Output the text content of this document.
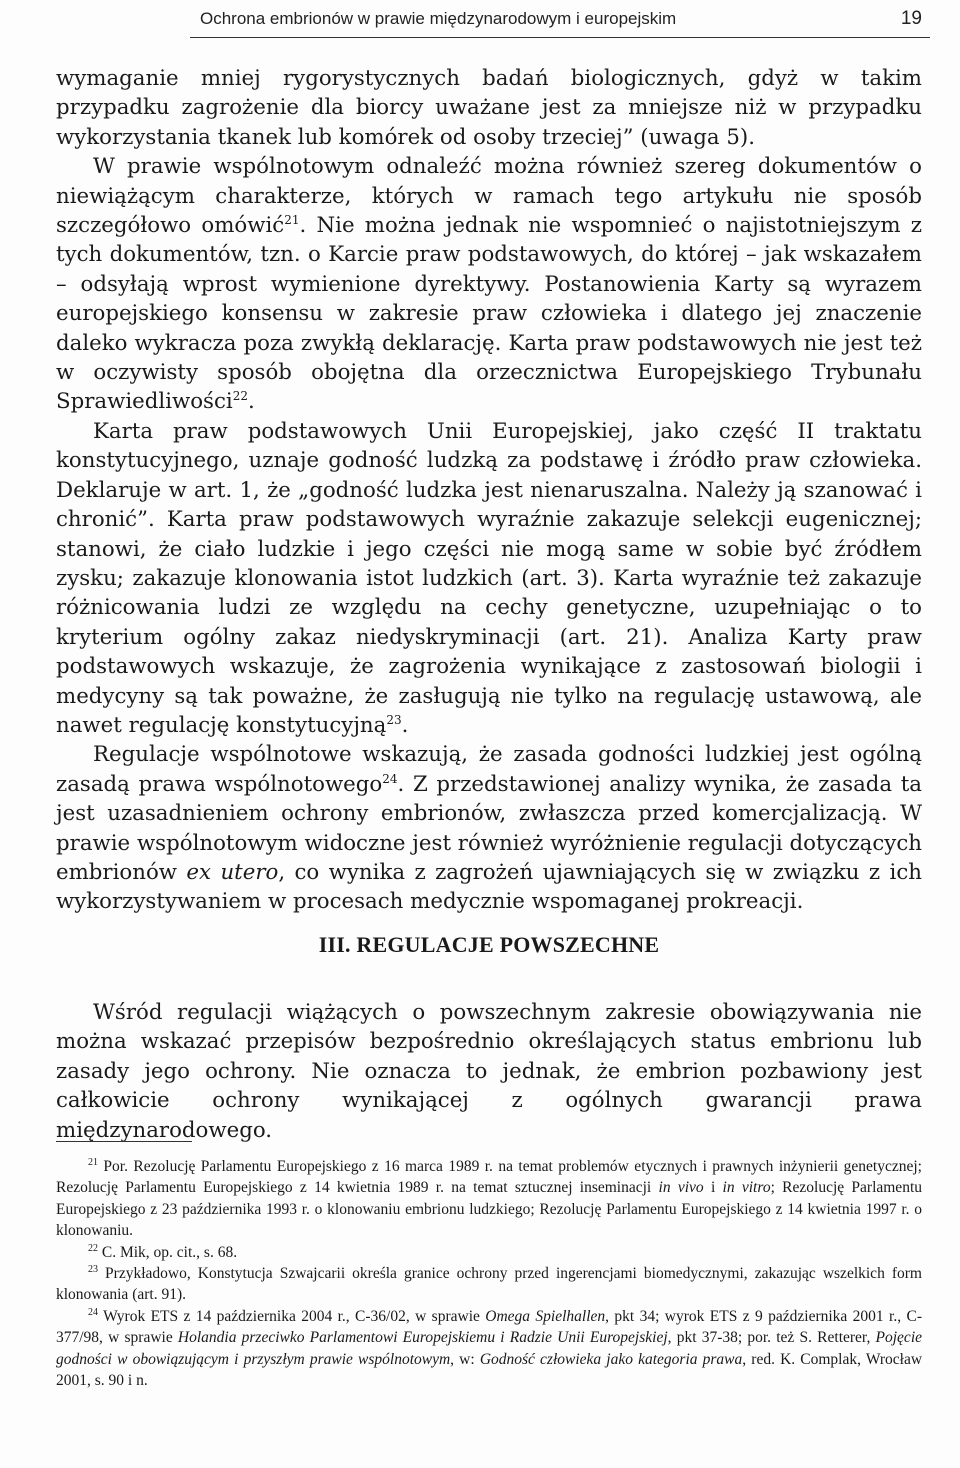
Ochrona embrionów w prawie międzynarodowym i europejskim	19

wymaganie mniej rygorystycznych badań biologicznych, gdyż w takim przypadku zagrożenie dla biorcy uważane jest za mniejsze niż w przypadku wykorzystania tkanek lub komórek od osoby trzeciej” (uwaga 5).

W prawie wspólnotowym odnaleźć można również szereg dokumentów o niewiążącym charakterze, których w ramach tego artykułu nie sposób szczegółowo omówić$^{21}$. Nie można jednak nie wspomnieć o najistotniejszym z tych dokumentów, tzn. o Karcie praw podstawowych, do której – jak wskazałem – odsyłają wprost wymienione dyrektywy. Postanowienia Karty są wyrazem europejskiego konsensu w zakresie praw człowieka i dlatego jej znaczenie daleko wykracza poza zwykłą deklarację. Karta praw podstawowych nie jest też w oczywisty sposób obojętna dla orzecznictwa Europejskiego Trybunału Sprawiedliwości$^{22}$.

Karta praw podstawowych Unii Europejskiej, jako część II traktatu konstytucyjnego, uznaje godność ludzką za podstawę i źródło praw człowieka. Deklaruje w art. 1, że „godność ludzka jest nienaruszalna. Należy ją szanować i chronić”. Karta praw podstawowych wyraźnie zakazuje selekcji eugenicznej; stanowi, że ciało ludzkie i jego części nie mogą same w sobie być źródłem zysku; zakazuje klonowania istot ludzkich (art. 3). Karta wyraźnie też zakazuje różnicowania ludzi ze względu na cechy genetyczne, uzupełniając o to kryterium ogólny zakaz niedyskryminacji (art. 21). Analiza Karty praw podstawowych wskazuje, że zagrożenia wynikające z zastosowań biologii i medycyny są tak poważne, że zasługują nie tylko na regulację ustawową, ale nawet regulację konstytucyjną$^{23}$.

Regulacje wspólnotowe wskazują, że zasada godności ludzkiej jest ogólną zasadą prawa wspólnotowego$^{24}$. Z przedstawionej analizy wynika, że zasada ta jest uzasadnieniem ochrony embrionów, zwłaszcza przed komercjalizacją. W prawie wspólnotowym widoczne jest również wyróżnienie regulacji dotyczących embrionów ex utero, co wynika z zagrożeń ujawniających się w związku z ich wykorzystywaniem w procesach medycznie wspomaganej prokreacji.

III. REGULACJE POWSZECHNE

Wśród regulacji wiążących o powszechnym zakresie obowiązywania nie można wskazać przepisów bezpośrednio określających status embrionu lub zasady jego ochrony. Nie oznacza to jednak, że embrion pozbawiony jest całkowicie ochrony wynikającej z ogólnych gwarancji prawa międzynarodowego.

$^{21}$ Por. Rezolucję Parlamentu Europejskiego z 16 marca 1989 r. na temat problemów etycznych i prawnych inżynierii genetycznej; Rezolucję Parlamentu Europejskiego z 14 kwietnia 1989 r. na temat sztucznej inseminacji in vivo i in vitro; Rezolucję Parlamentu Europejskiego z 23 października 1993 r. o klonowaniu embrionu ludzkiego; Rezolucję Parlamentu Europejskiego z 14 kwietnia 1997 r. o klonowaniu.

$^{22}$ C. Mik, op. cit., s. 68.

$^{23}$ Przykładowo, Konstytucja Szwajcarii określa granice ochrony przed ingerencjami biomedycznymi, zakazując wszelkich form klonowania (art. 91).

$^{24}$ Wyrok ETS z 14 października 2004 r., C-36/02, w sprawie Omega Spielhallen, pkt 34; wyrok ETS z 9 października 2001 r., C-377/98, w sprawie Holandia przeciwko Parlamentowi Europejskiemu i Radzie Unii Europejskiej, pkt 37-38; por. też S. Retterer, Pojęcie godności w obowiązującym i przyszłym prawie wspólnotowym, w: Godność człowieka jako kategoria prawa, red. K. Complak, Wrocław 2001, s. 90 i n.
